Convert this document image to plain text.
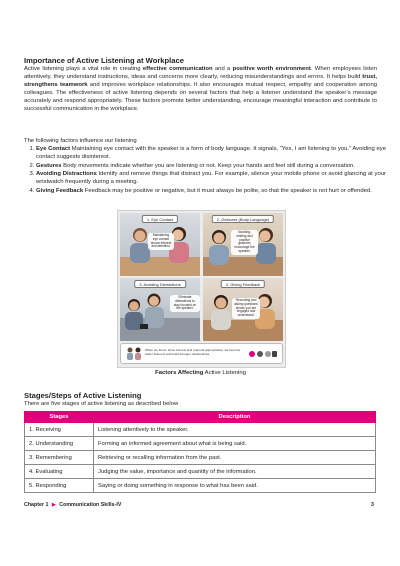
Importance of Active Listening at Workplace

Active listening plays a vital role in creating effective communication and a positive worth environment. When employees listen attentively, they understand instructions, ideas and concerns more clearly, reducing misunderstandings and errors. It helps build trust, strengthens teamwork and improves workplace relationships. It also encourages mutual respect, empathy and cooperation among colleagues. The effectiveness of active listening depends on several factors that help a listener understand the speaker’s message accurately and respond appropriately. These factors promote better understanding, encourage meaningful interaction and contribute to successful communication in the workplace.

The following factors influence our listening

1. Eye Contact Maintaining eye contact with the speaker is a form of body language. It signals, “Yes, I am listening to you.” Avoiding eye contact suggests disinterest.
2. Gestures Body movements indicate whether you are listening or not. Keep your hands and feet still during a conversation.
3. Avoiding Distractions Identify and remove things that distract you. For example, silence your mobile phone or avoid glancing at your wristwatch frequently during a meeting.
4. Giving Feedback Feedback may be positive or negative, but it must always be polite, so that the speaker is not hurt or offended.
1. Eye Contact
Maintaining eye contact shows interest and attention.
2. Gestures (Body Language)
Nodding, smiling and positive gestures encourage the speaker.
3. Avoiding Distractions
Eliminate distractions to stay focused on the speaker.
4. Giving Feedback
Recording and asking questions shows you are engaged and understand.
When we focus, show interest and respond appropriately, we become better listeners and build stronger relationships.
Factors Affecting Active Listening
Stages/Steps of Active Listening

There are five stages of active listening as described below

Stages	Description
1. Receiving	Listening attentively to the speaker.
2. Understanding	Forming an informed agreement about what is being said.
3. Remembering	Retrieving or recalling information from the past.
4. Evaluating	Judging the value, importance and quantity of the information.
5. Responding	Saying or doing something in response to what has been said.
Chapter 1 ▶ Communication Skills-IV	3
